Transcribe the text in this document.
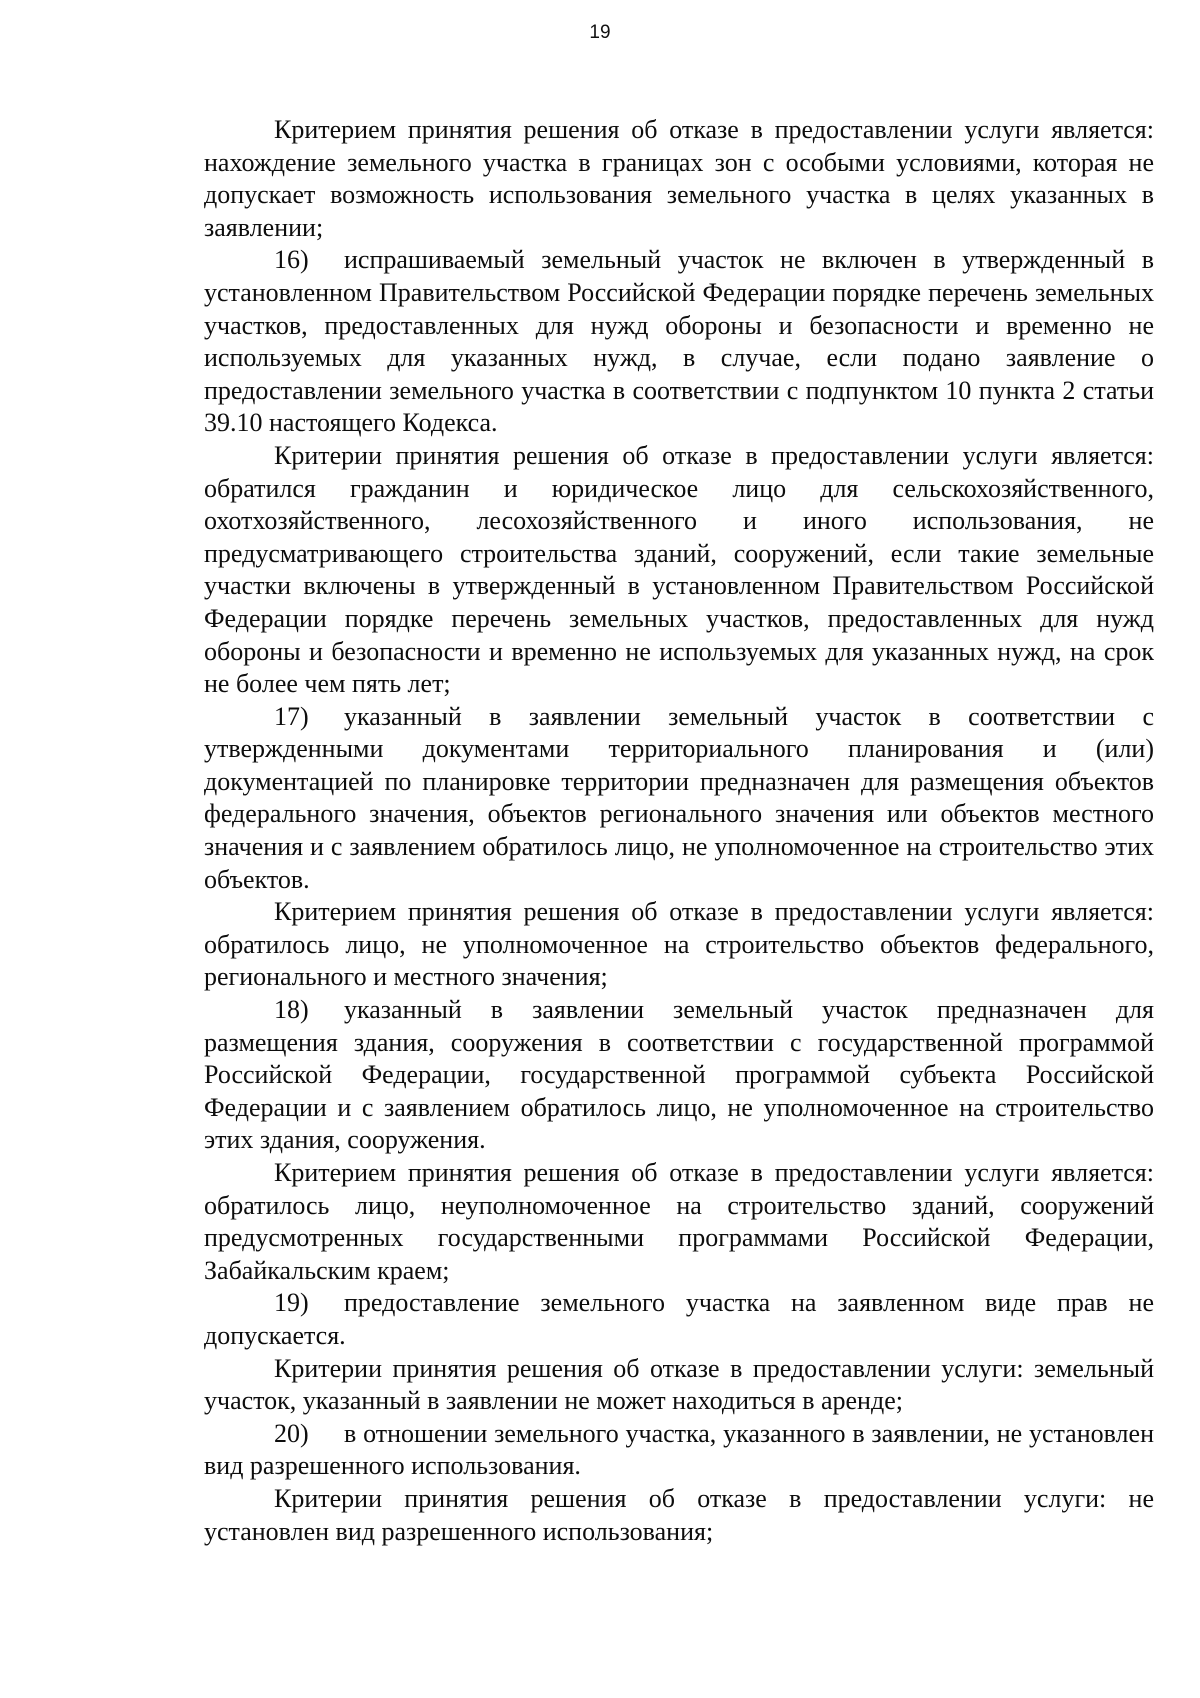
19

Критерием принятия решения об отказе в предоставлении услуги является: нахождение земельного участка в границах зон с особыми условиями, которая не допускает возможность использования земельного участка в целях указанных в заявлении;

16) испрашиваемый земельный участок не включен в утвержденный в установленном Правительством Российской Федерации порядке перечень земельных участков, предоставленных для нужд обороны и безопасности и временно не используемых для указанных нужд, в случае, если подано заявление о предоставлении земельного участка в соответствии с подпунктом 10 пункта 2 статьи 39.10 настоящего Кодекса.

Критерии принятия решения об отказе в предоставлении услуги является: обратился гражданин и юридическое лицо для сельскохозяйственного, охотхозяйственного, лесохозяйственного и иного использования, не предусматривающего строительства зданий, сооружений, если такие земельные участки включены в утвержденный в установленном Правительством Российской Федерации порядке перечень земельных участков, предоставленных для нужд обороны и безопасности и временно не используемых для указанных нужд, на срок не более чем пять лет;

17) указанный в заявлении земельный участок в соответствии с утвержденными документами территориального планирования и (или) документацией по планировке территории предназначен для размещения объектов федерального значения, объектов регионального значения или объектов местного значения и с заявлением обратилось лицо, не уполномоченное на строительство этих объектов.

Критерием принятия решения об отказе в предоставлении услуги является: обратилось лицо, не уполномоченное на строительство объектов федерального, регионального и местного значения;

18) указанный в заявлении земельный участок предназначен для размещения здания, сооружения в соответствии с государственной программой Российской Федерации, государственной программой субъекта Российской Федерации и с заявлением обратилось лицо, не уполномоченное на строительство этих здания, сооружения.

Критерием принятия решения об отказе в предоставлении услуги является: обратилось лицо, неуполномоченное на строительство зданий, сооружений предусмотренных государственными программами Российской Федерации, Забайкальским краем;

19) предоставление земельного участка на заявленном виде прав не допускается.

Критерии принятия решения об отказе в предоставлении услуги: земельный участок, указанный в заявлении не может находиться в аренде;

20) в отношении земельного участка, указанного в заявлении, не установлен вид разрешенного использования.

Критерии принятия решения об отказе в предоставлении услуги: не установлен вид разрешенного использования;
